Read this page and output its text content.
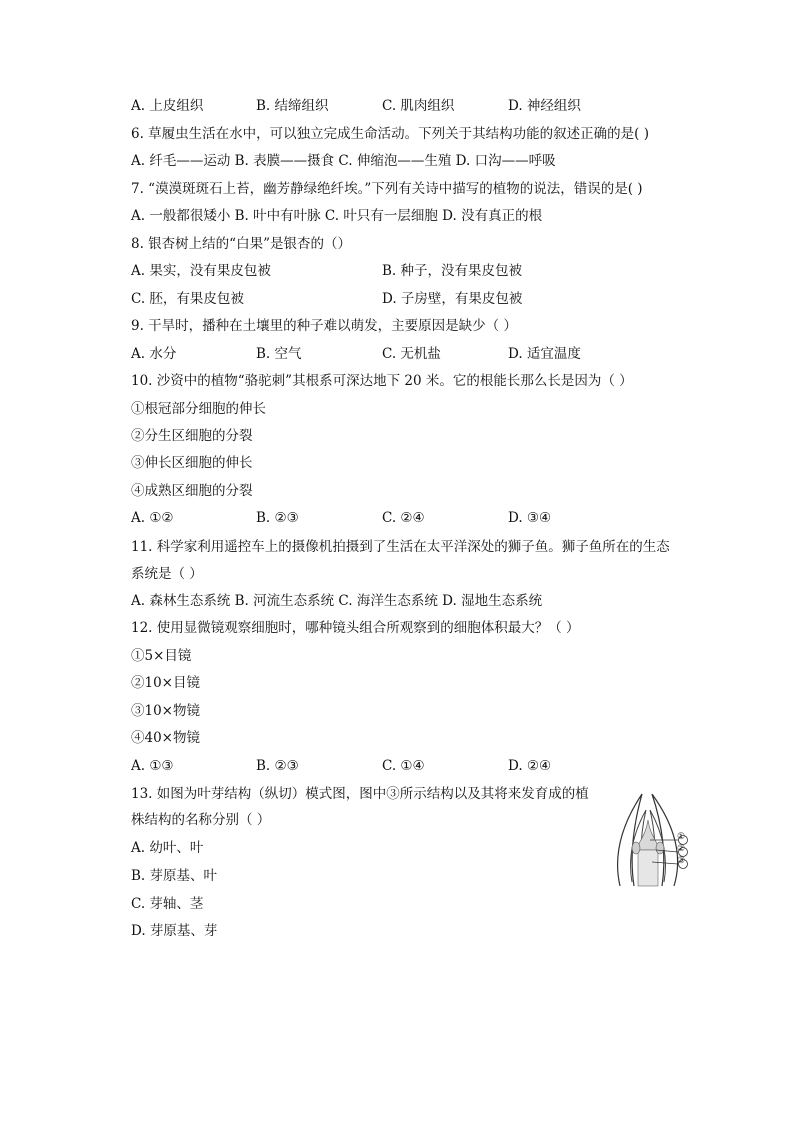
A. 上皮组织	B. 结缔组织	C. 肌肉组织	D. 神经组织
6. 草履虫生活在水中，可以独立完成生命活动。下列关于其结构功能的叙述正确的是( )
A. 纤毛——运动 B. 表膜——摄食 C. 伸缩泡——生殖 D. 口沟——呼吸
7. “漠漠斑斑石上苔，幽芳静绿绝纤埃。”下列有关诗中描写的植物的说法，错误的是( )
A. 一般都很矮小 B. 叶中有叶脉 C. 叶只有一层细胞 D. 没有真正的根
8. 银杏树上结的“白果”是银杏的（）
A. 果实，没有果皮包被	B. 种子，没有果皮包被
C. 胚，有果皮包被	D. 子房壁，有果皮包被
9. 干旱时，播种在土壤里的种子难以萌发，主要原因是缺少（ ）
A. 水分	B. 空气	C. 无机盐	D. 适宜温度
10. 沙资中的植物“骆驼刺”其根系可深达地下 20 米。它的根能长那么长是因为（ ）
①根冠部分细胞的伸长
②分生区细胞的分裂
③伸长区细胞的伸长
④成熟区细胞的分裂
A. ①②	B. ②③	C. ②④	D. ③④
11. 科学家利用遥控车上的摄像机拍摄到了生活在太平洋深处的狮子鱼。狮子鱼所在的生态
系统是（ ）
A. 森林生态系统 B. 河流生态系统 C. 海洋生态系统 D. 湿地生态系统
12. 使用显微镜观察细胞时，哪种镜头组合所观察到的细胞体积最大？（ ）
①5×目镜
②10×目镜
③10×物镜
④40×物镜
A. ①③	B. ②③	C. ①④	D. ②④
13. 如图为叶芽结构（纵切）模式图，图中③所示结构以及其将来发育成的植
株结构的名称分别（ ）
A. 幼叶、叶
B. 芽原基、叶
C. 芽轴、茎
D. 芽原基、芽
①
②
③
